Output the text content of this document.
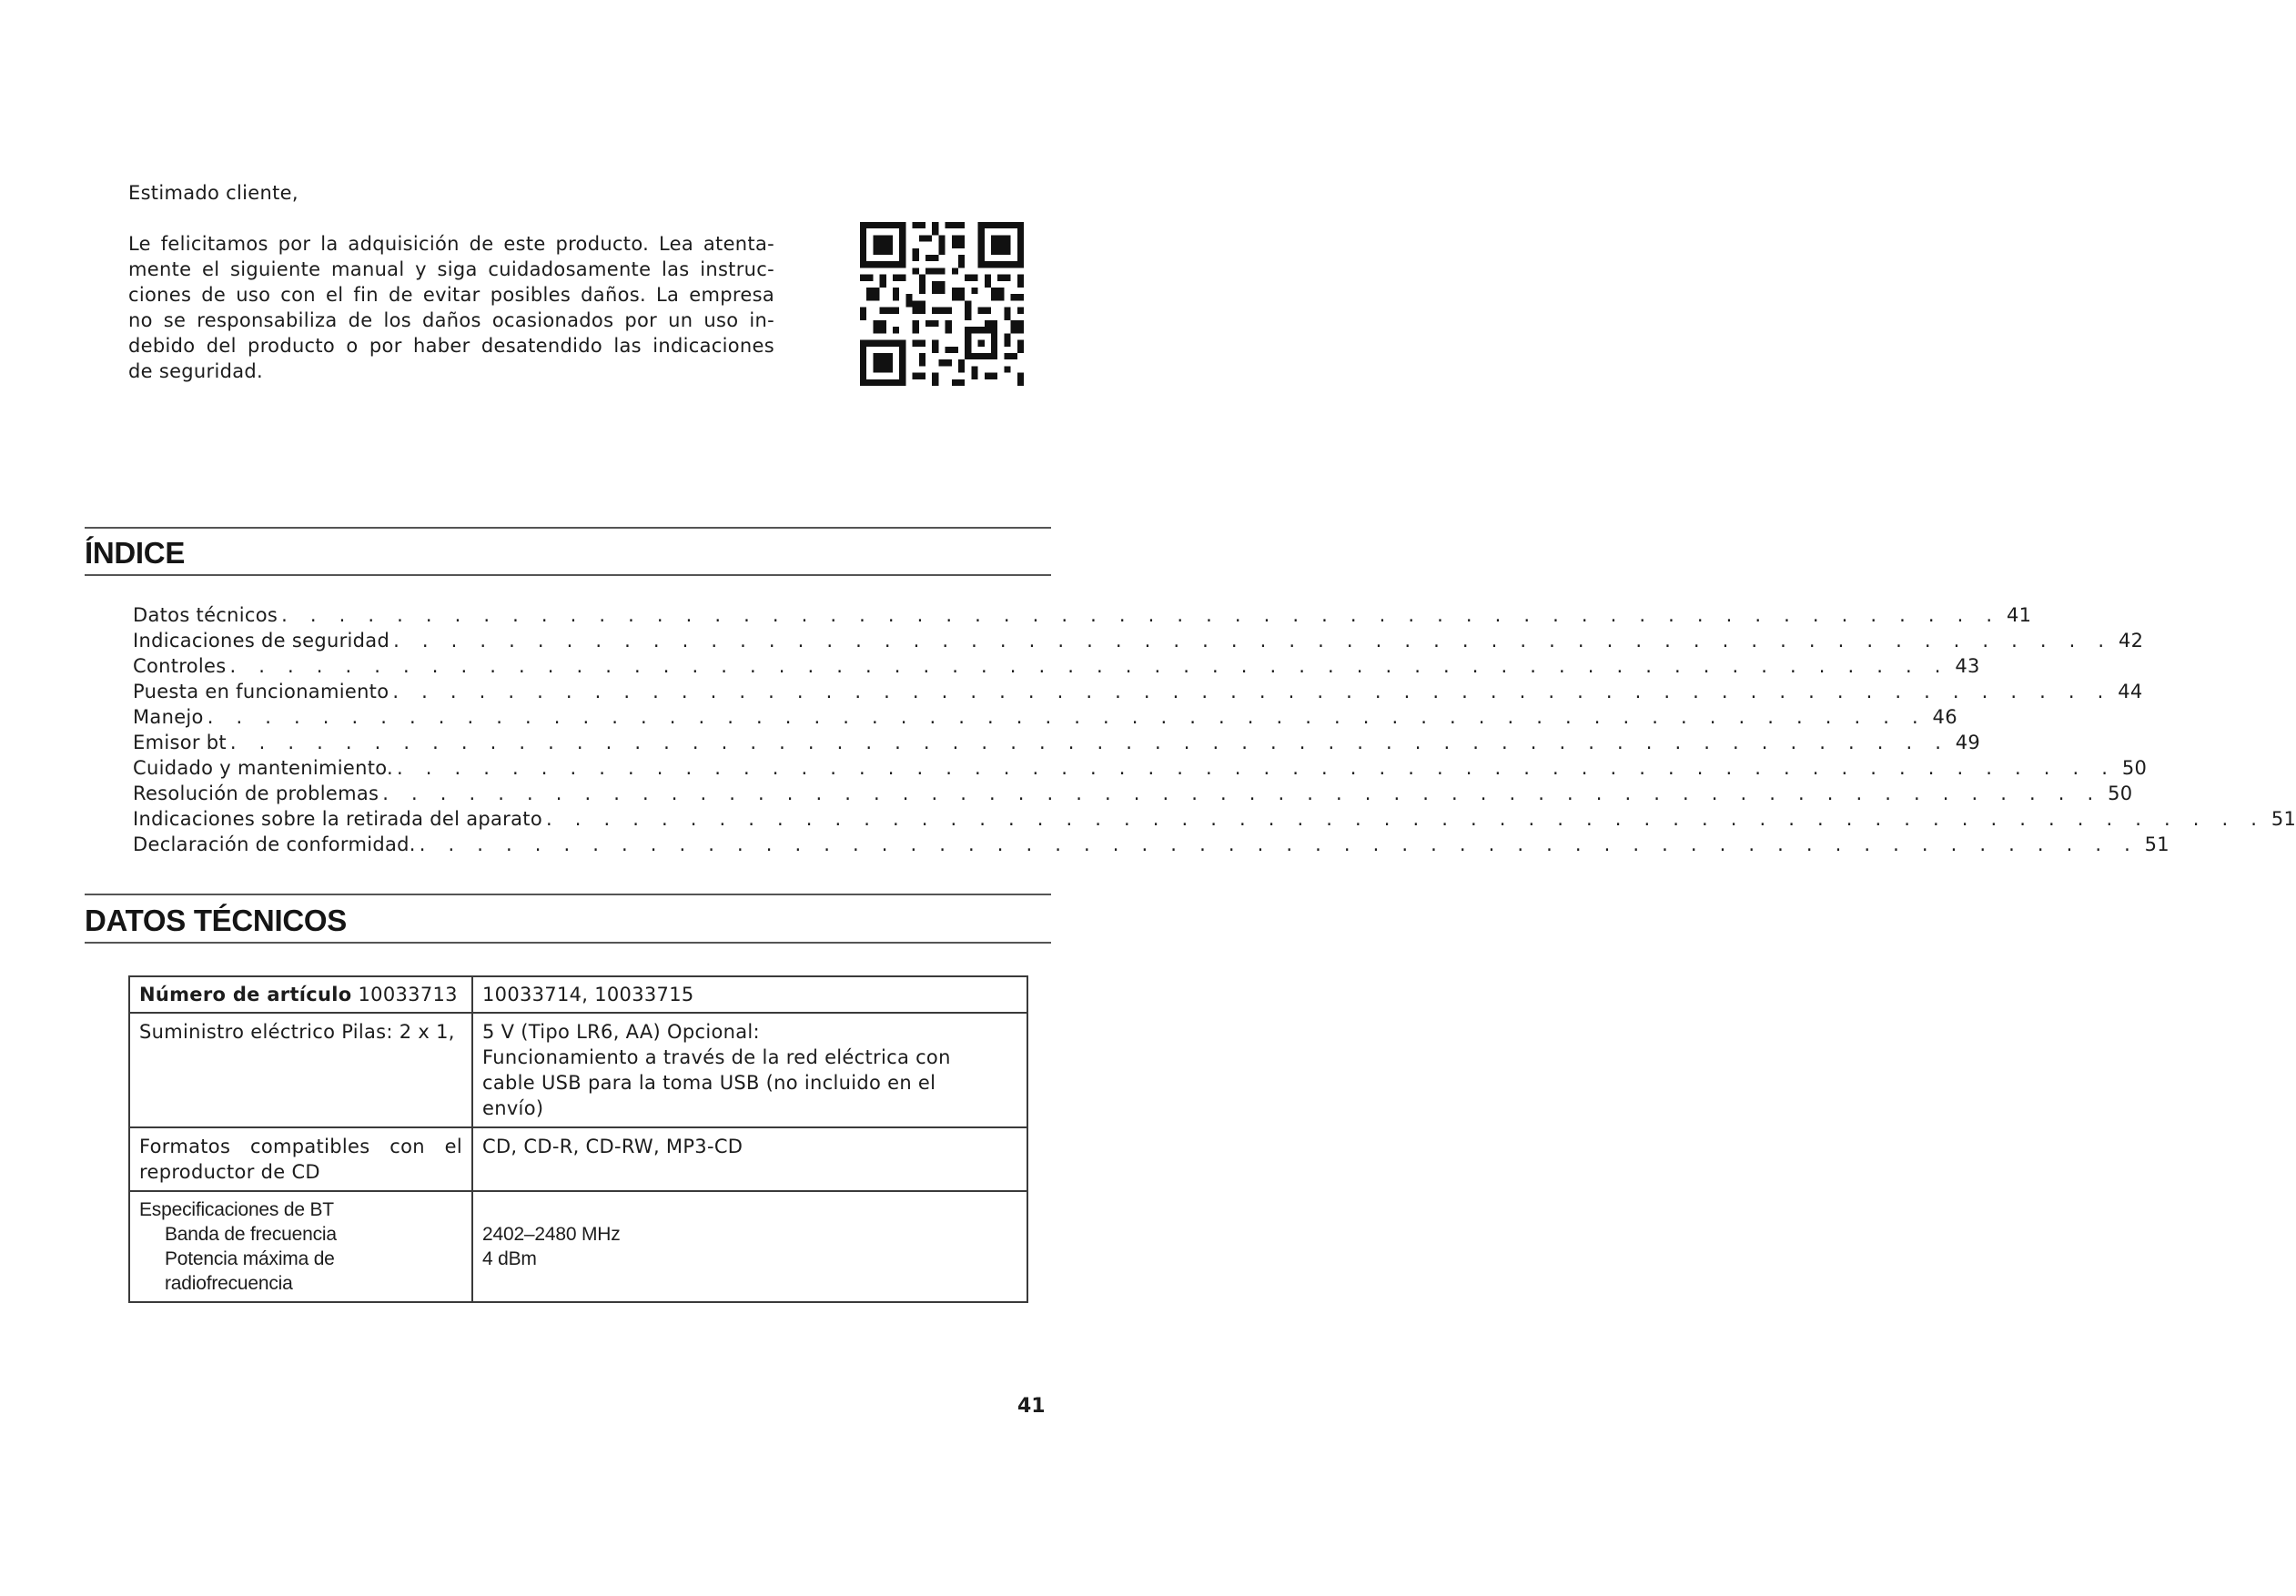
Estimado cliente,

Le felicitamos por la adquisición de este producto. Lea atenta-
mente el siguiente manual y siga cuidadosamente las instruc-
ciones de uso con el fin de evitar posibles daños. La empresa
no se responsabiliza de los daños ocasionados por un uso in-
debido del producto o por haber desatendido las indicaciones
de seguridad.

ÍNDICE
Datos técnicos . . . . . . . . . . . . . . . . . . . . . . . . . . . . . . . . . . . . . . . . . . . . . . . . . . . . . . . . . . . . 41
Indicaciones de seguridad . . . . . . . . . . . . . . . . . . . . . . . . . . . . . . . . . . . . . . . . . . . . . . . . . . . . . . . . . . . . 42
Controles . . . . . . . . . . . . . . . . . . . . . . . . . . . . . . . . . . . . . . . . . . . . . . . . . . . . . . . . . . . . 43
Puesta en funcionamiento . . . . . . . . . . . . . . . . . . . . . . . . . . . . . . . . . . . . . . . . . . . . . . . . . . . . . . . . . . . . 44
Manejo . . . . . . . . . . . . . . . . . . . . . . . . . . . . . . . . . . . . . . . . . . . . . . . . . . . . . . . . . . . . 46
Emisor bt . . . . . . . . . . . . . . . . . . . . . . . . . . . . . . . . . . . . . . . . . . . . . . . . . . . . . . . . . . . . 49
Cuidado y mantenimiento. . . . . . . . . . . . . . . . . . . . . . . . . . . . . . . . . . . . . . . . . . . . . . . . . . . . . . . . . . . . . 50
Resolución de problemas . . . . . . . . . . . . . . . . . . . . . . . . . . . . . . . . . . . . . . . . . . . . . . . . . . . . . . . . . . . . 50
Indicaciones sobre la retirada del aparato . . . . . . . . . . . . . . . . . . . . . . . . . . . . . . . . . . . . . . . . . . . . . . . . . . . . . . . . . . . . 51
Declaración de conformidad. . . . . . . . . . . . . . . . . . . . . . . . . . . . . . . . . . . . . . . . . . . . . . . . . . . . . . . . . . . . . 51
DATOS TÉCNICOS
Número de artículo 10033713	10033714, 10033715
Suministro eléctrico Pilas: 2 x 1,	5 V (Tipo LR6, AA) Opcional:
Funcionamiento a través de la red eléctrica con
cable USB para la toma USB (no incluido en el
envío)

Formatos compatibles con el
reproductor de CD	CD, CD-R, CD-RW, MP3-CD

Especificaciones de BT
Banda de frecuencia
Potencia máxima de
radiofrecuencia	2402–2480 MHz
4 dBm

41
